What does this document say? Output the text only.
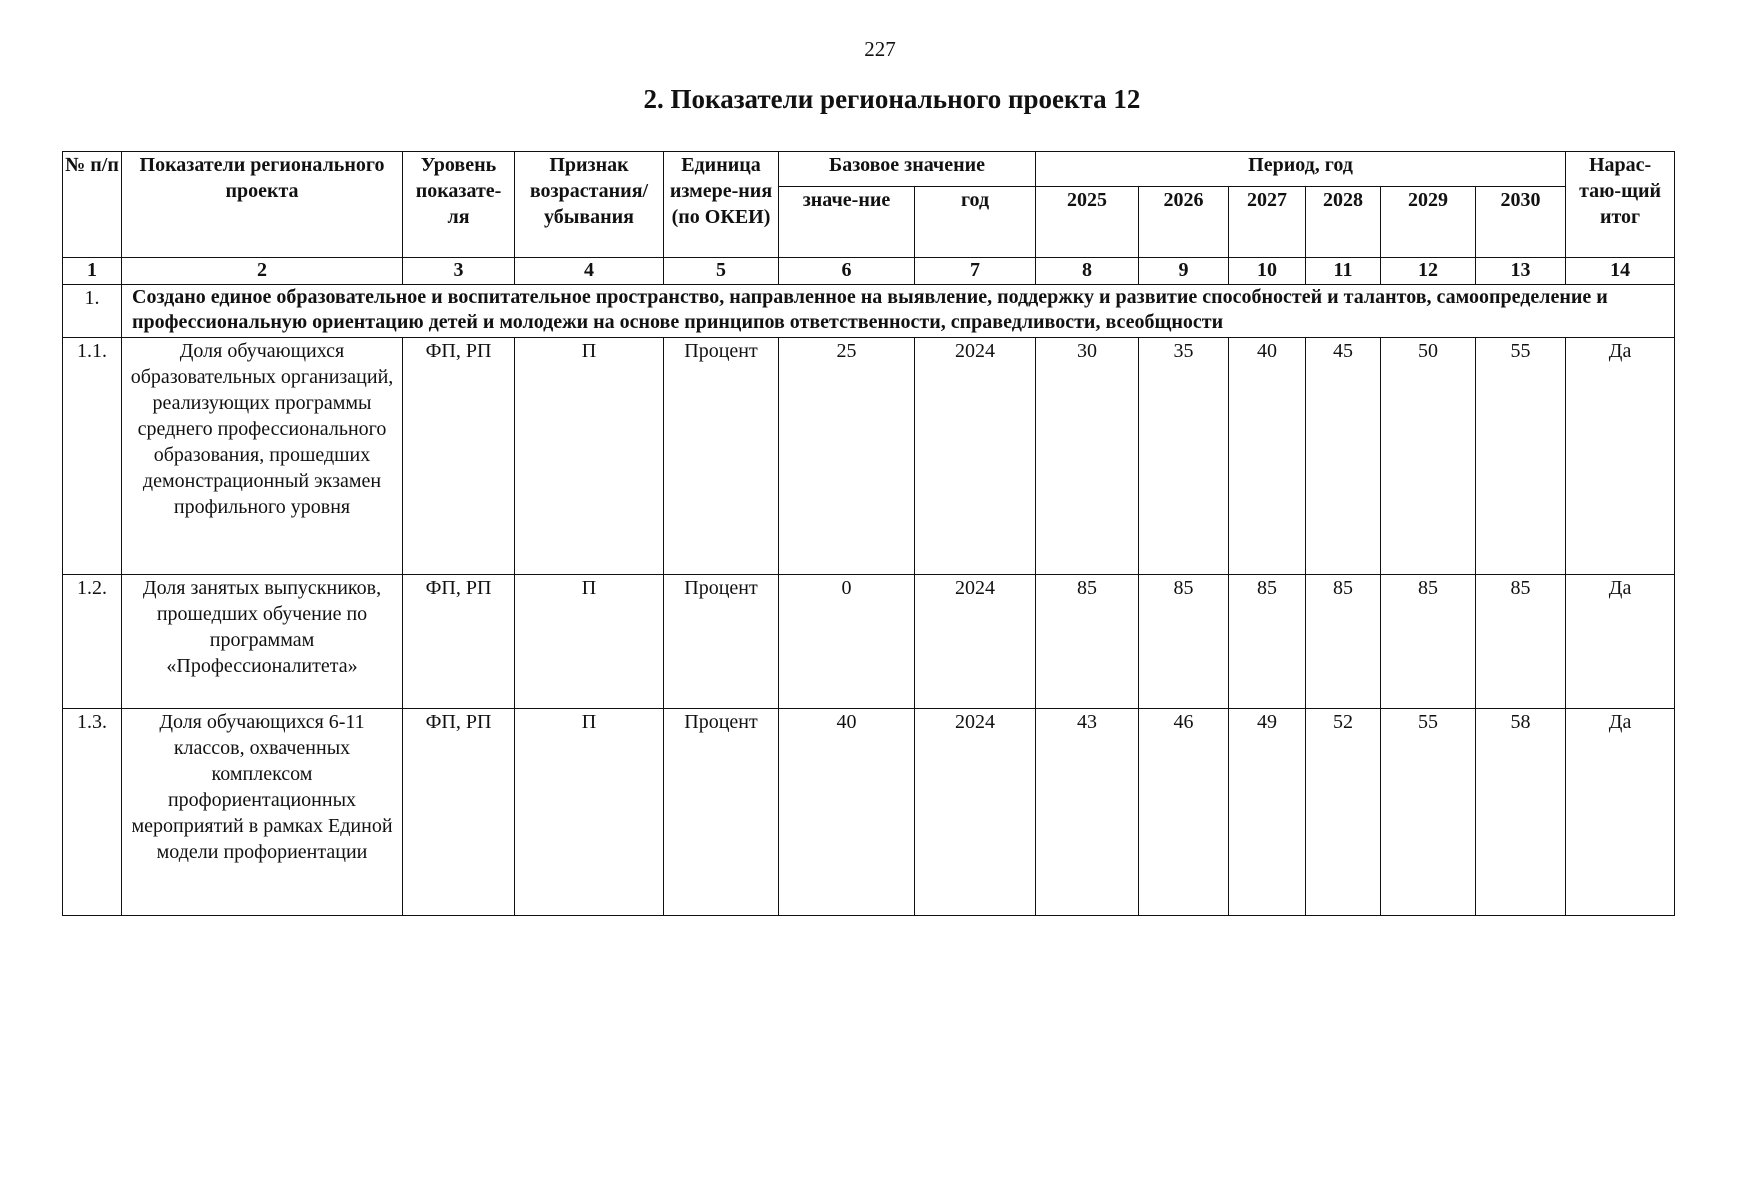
227
2. Показатели регионального проекта 12
№ п/п	Показатели регионального проекта	Уровень показате-ля	Признак возрастания/ убывания	Единица измере-ния (по ОКЕИ)	Базовое значение		Период, год						Нарас-таю-щий итог
					значе-ние	год	2025	2026	2027	2028	2029	2030	
1	2	3	4	5	6	7	8	9	10	11	12	13	14
1.	Создано единое образовательное и воспитательное пространство, направленное на выявление, поддержку и развитие способностей и талантов, самоопределение и профессиональную ориентацию детей и молодежи на основе принципов ответственности, справедливости, всеобщности												
1.1.	Доля обучающихся образовательных организаций, реализующих программы среднего профессионального образования, прошедших демонстрационный экзамен профильного уровня	ФП, РП	П	Процент	25	2024	30	35	40	45	50	55	Да
1.2.	Доля занятых выпускников, прошедших обучение по программам «Профессионалитета»	ФП, РП	П	Процент	0	2024	85	85	85	85	85	85	Да
1.3.	Доля обучающихся 6-11 классов, охваченных комплексом профориентационных мероприятий в рамках Единой модели профориентации	ФП, РП	П	Процент	40	2024	43	46	49	52	55	58	Да
